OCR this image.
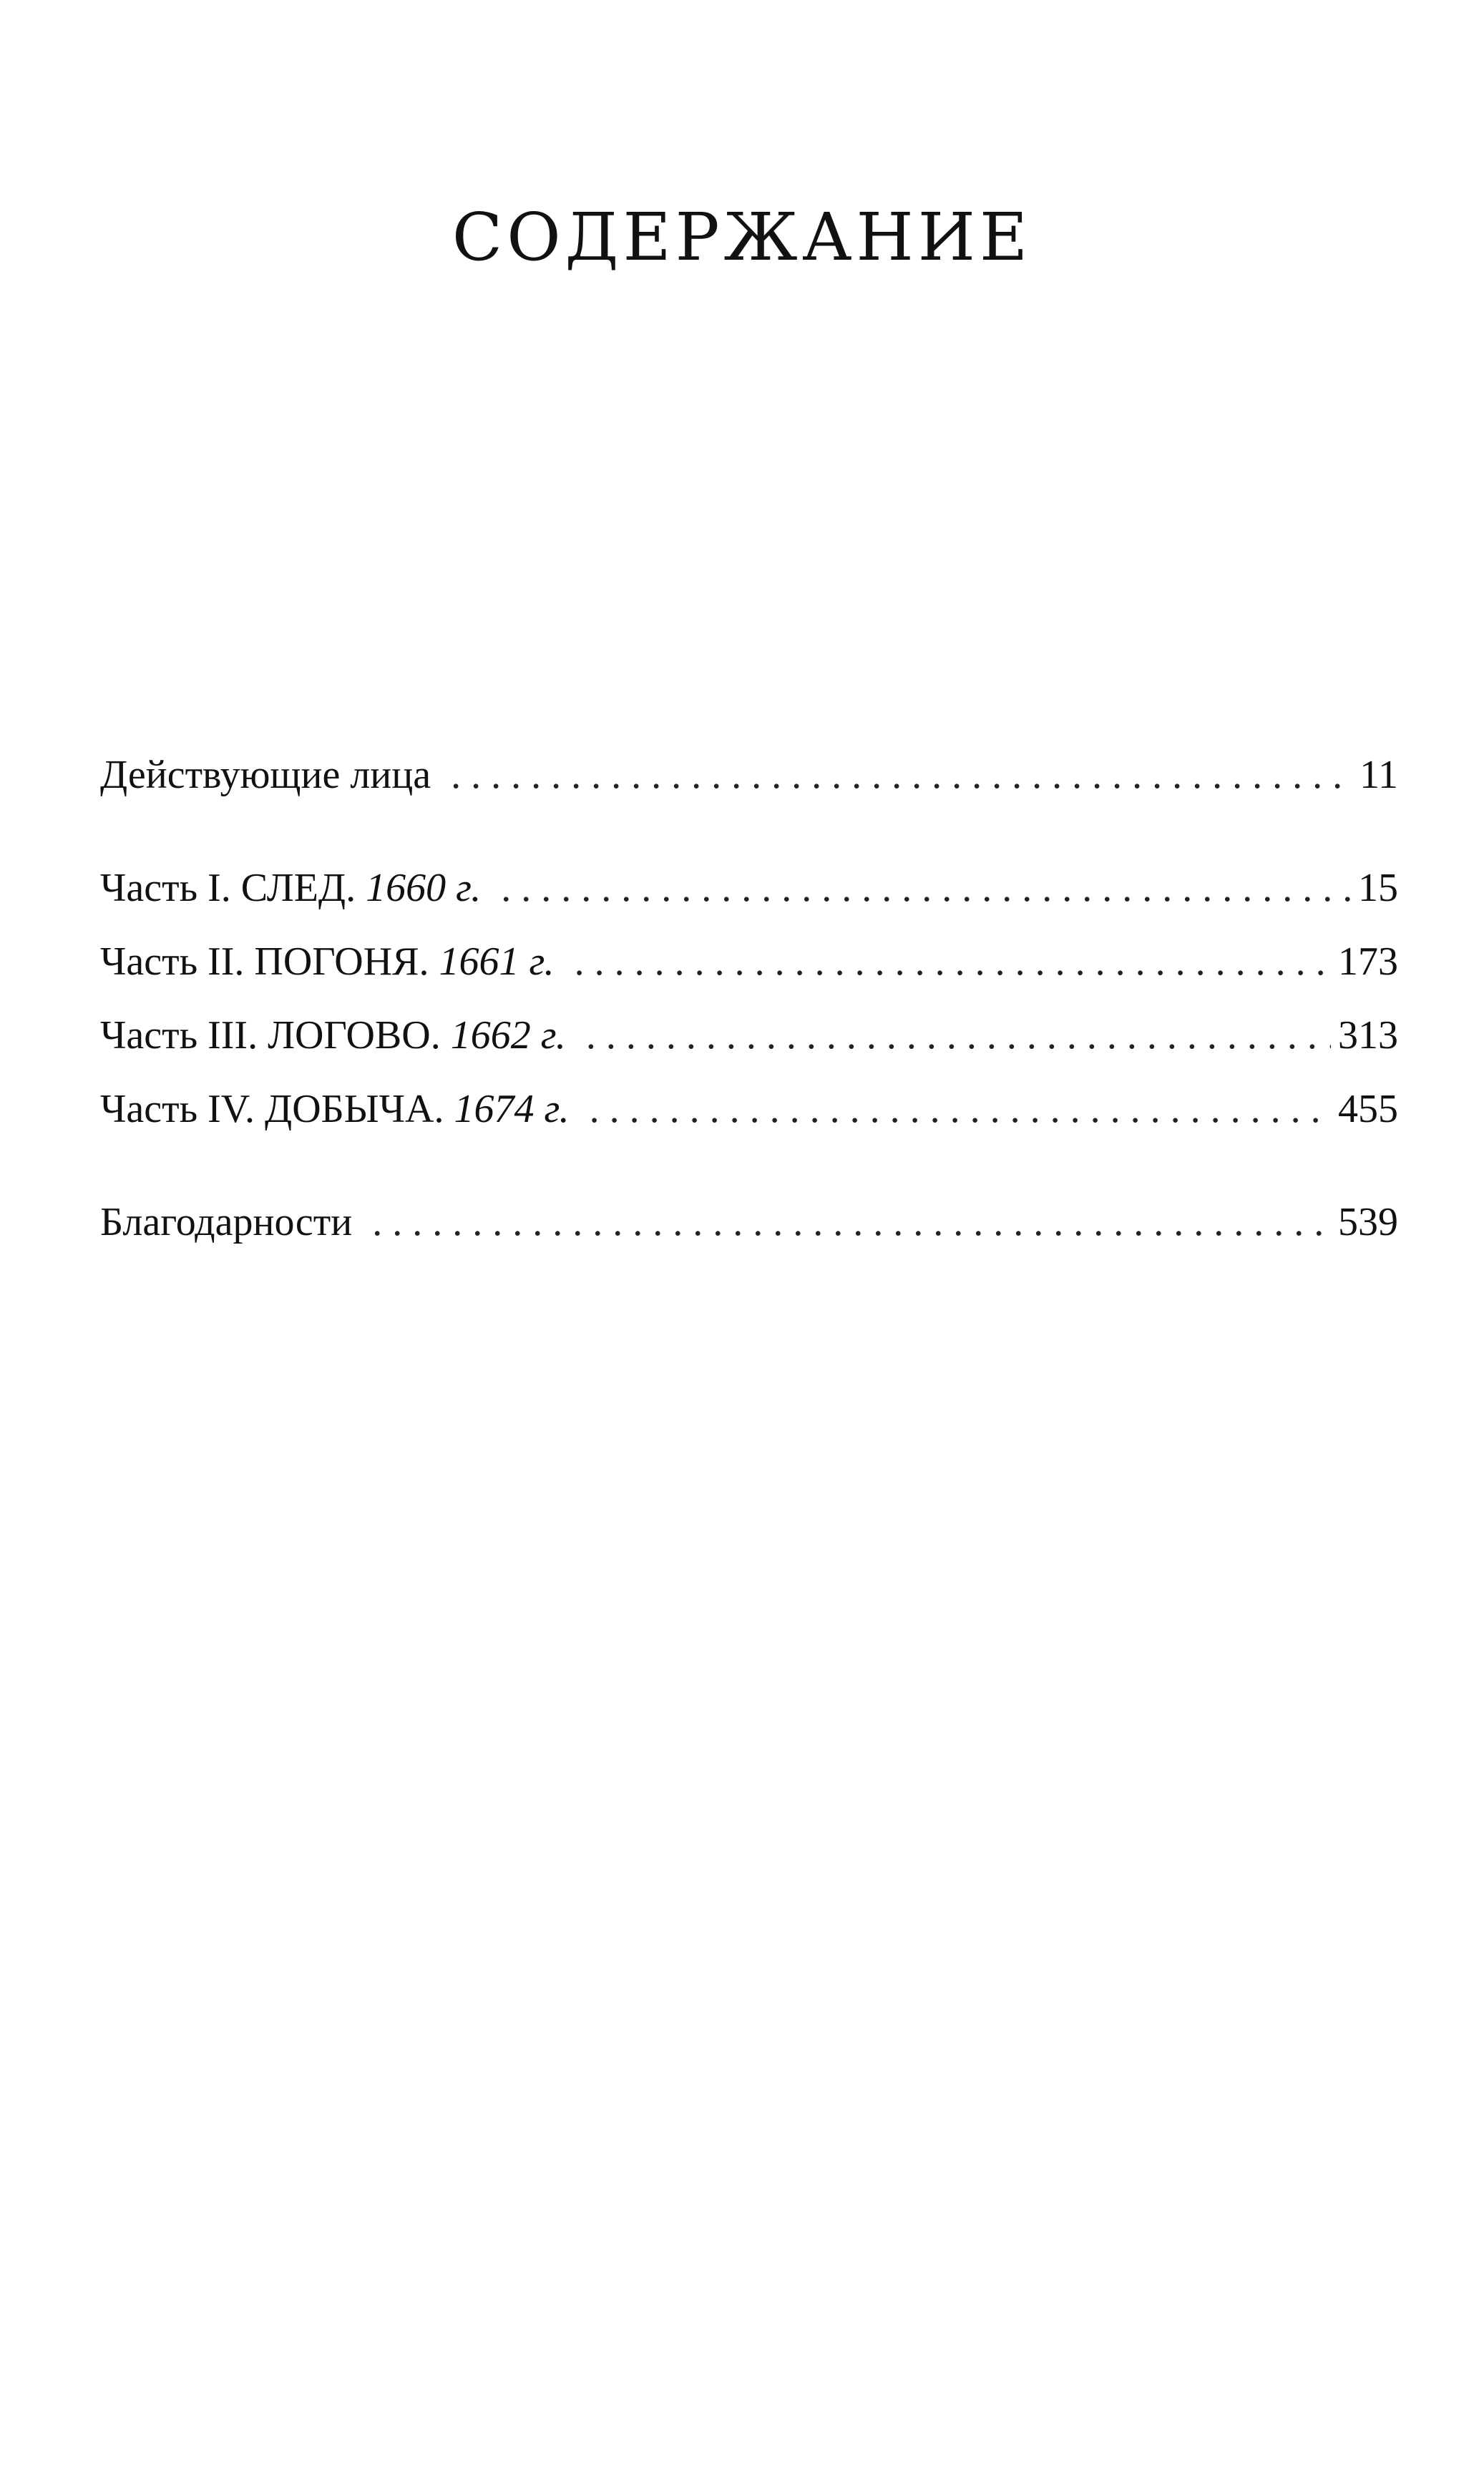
СОДЕРЖАНИЕ
Действующие лица . . .	11
Часть I. СЛЕД. 1660 г. . . .	15
Часть II. ПОГОНЯ. 1661 г. . . .	173
Часть III. ЛОГОВО. 1662 г. . . .	313
Часть IV. ДОБЫЧА. 1674 г. . . .	455
Благодарности . . .	539
